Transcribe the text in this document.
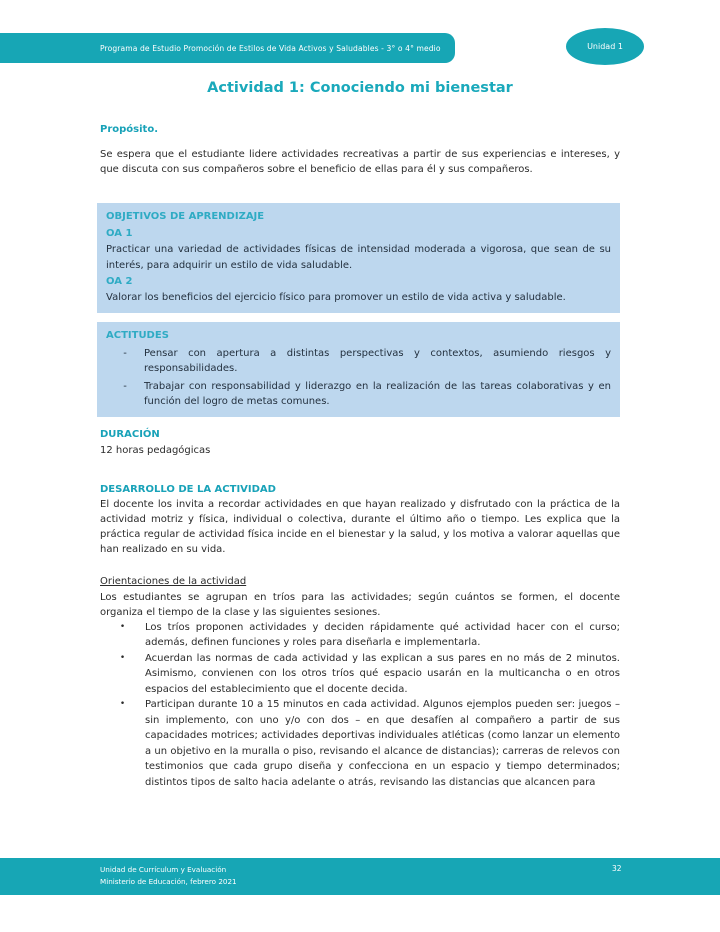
Programa de Estudio Promoción de Estilos de Vida Activos y Saludables - 3° o 4° medio	Unidad 1
Actividad 1: Conociendo mi bienestar
Propósito.

Se espera que el estudiante lidere actividades recreativas a partir de sus experiencias e intereses, y que discuta con sus compañeros sobre el beneficio de ellas para él y sus compañeros.

OBJETIVOS DE APRENDIZAJE
OA 1
Practicar una variedad de actividades físicas de intensidad moderada a vigorosa, que sean de su interés, para adquirir un estilo de vida saludable.
OA 2
Valorar los beneficios del ejercicio físico para promover un estilo de vida activa y saludable.
ACTITUDES
-	Pensar con apertura a distintas perspectivas y contextos, asumiendo riesgos y responsabilidades.
-	Trabajar con responsabilidad y liderazgo en la realización de las tareas colaborativas y en función del logro de metas comunes.
DURACIÓN
12 horas pedagógicas
DESARROLLO DE LA ACTIVIDAD

El docente los invita a recordar actividades en que hayan realizado y disfrutado con la práctica de la actividad motriz y física, individual o colectiva, durante el último año o tiempo. Les explica que la práctica regular de actividad física incide en el bienestar y la salud, y los motiva a valorar aquellas que han realizado en su vida.

Orientaciones de la actividad

Los estudiantes se agrupan en tríos para las actividades; según cuántos se formen, el docente organiza el tiempo de la clase y las siguientes sesiones.

•	Los tríos proponen actividades y deciden rápidamente qué actividad hacer con el curso; además, definen funciones y roles para diseñarla e implementarla.
•	Acuerdan las normas de cada actividad y las explican a sus pares en no más de 2 minutos. Asimismo, convienen con los otros tríos qué espacio usarán en la multicancha o en otros espacios del establecimiento que el docente decida.
•	Participan durante 10 a 15 minutos en cada actividad. Algunos ejemplos pueden ser: juegos –sin implemento, con uno y/o con dos – en que desafíen al compañero a partir de sus capacidades motrices; actividades deportivas individuales atléticas (como lanzar un elemento a un objetivo en la muralla o piso, revisando el alcance de distancias); carreras de relevos con testimonios que cada grupo diseña y confecciona en un espacio y tiempo determinados; distintos tipos de salto hacia adelante o atrás, revisando las distancias que alcancen para
Unidad de Currículum y Evaluación
Ministerio de Educación, febrero 2021
32
